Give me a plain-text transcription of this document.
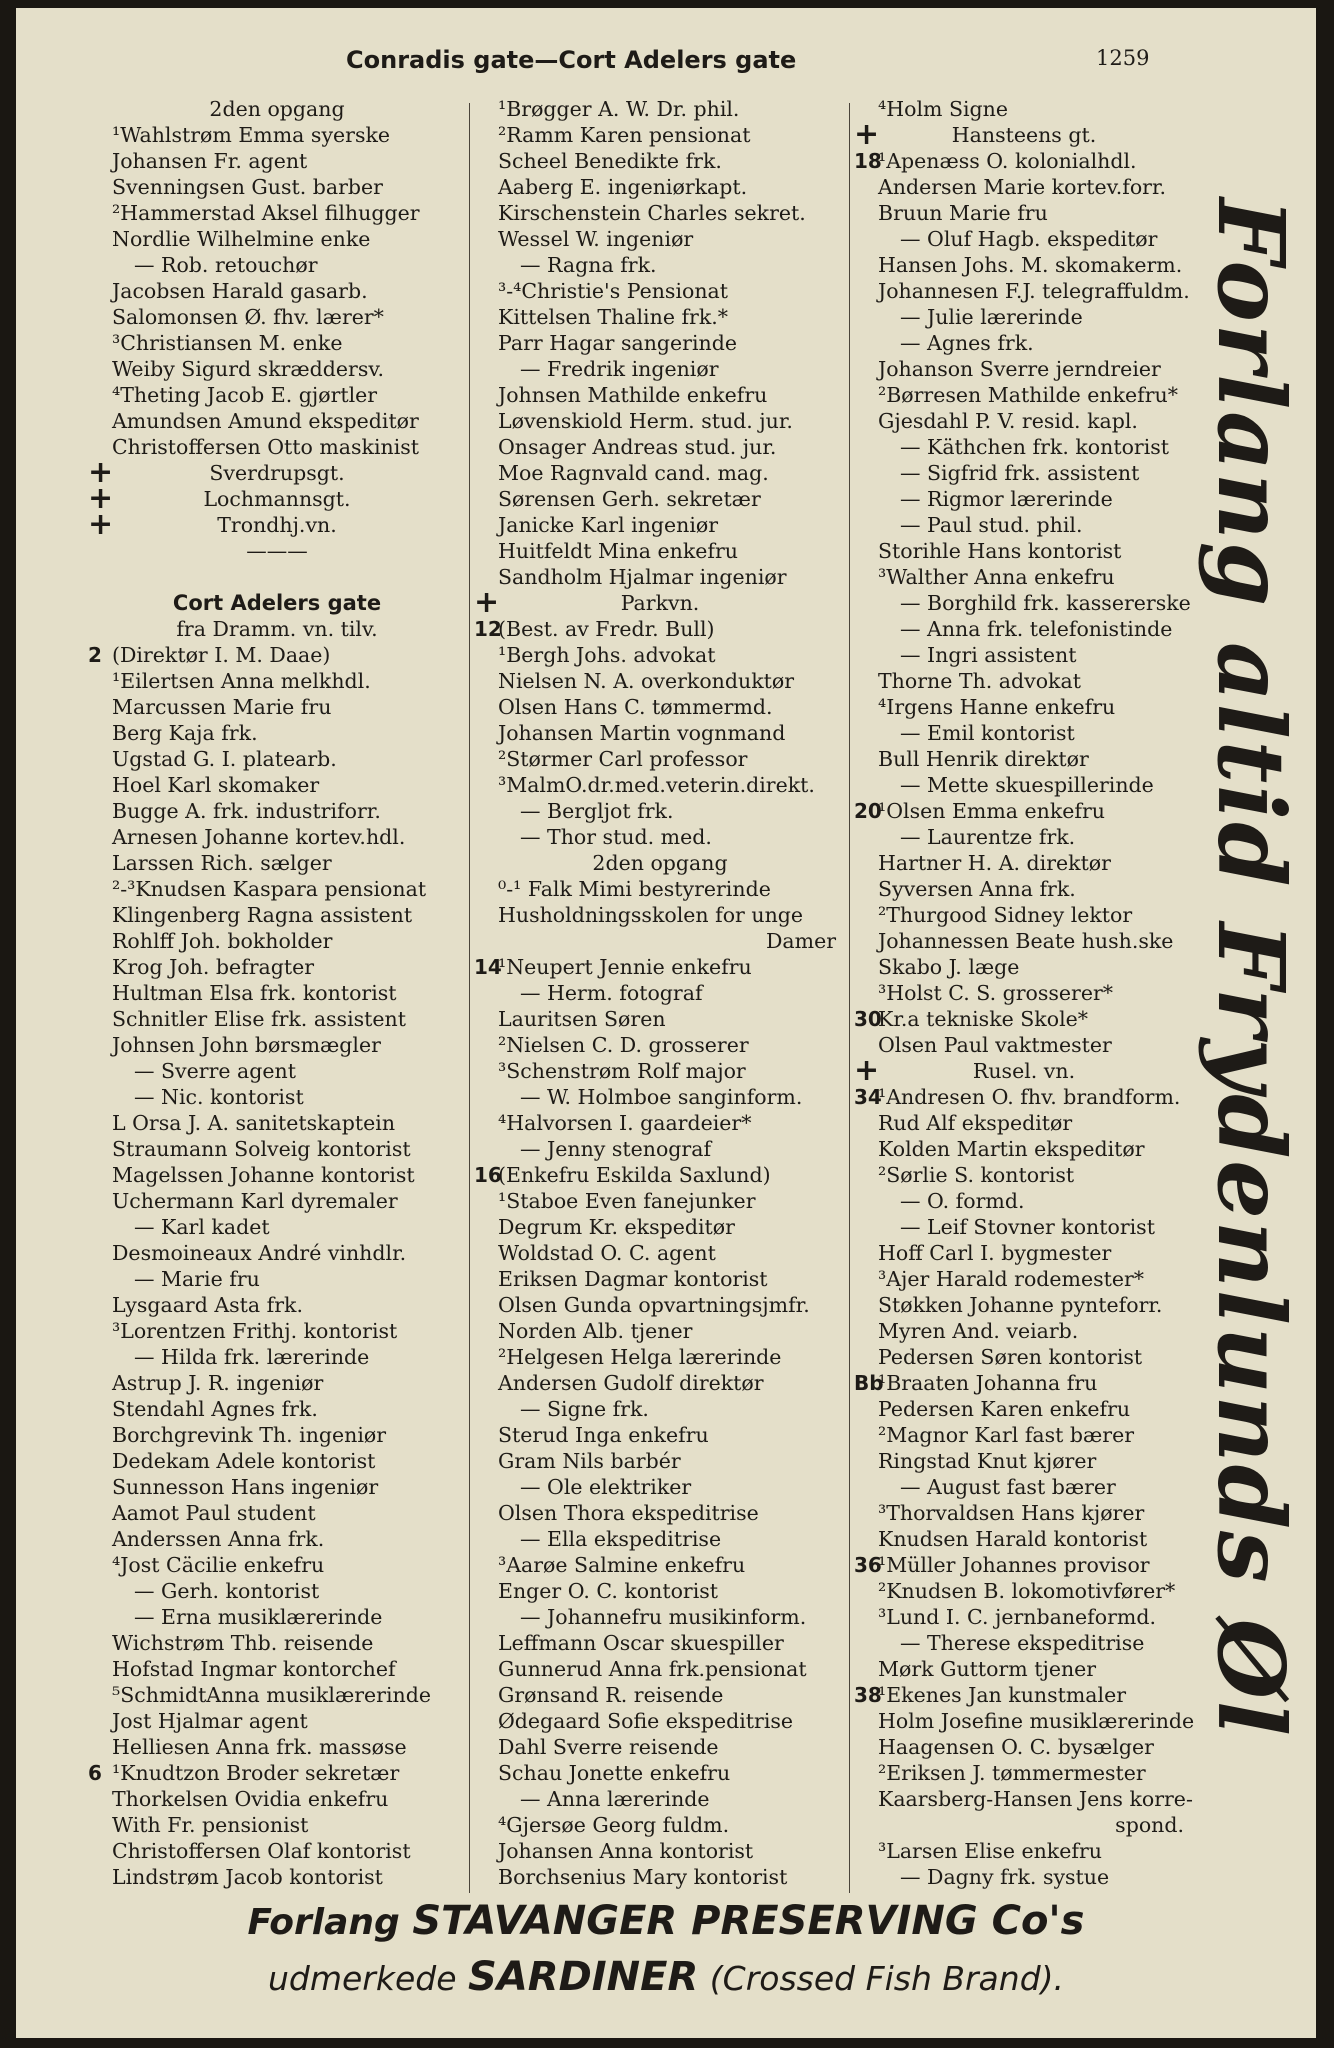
Conradis gate—Cort Adelers gate	1259
2den opgang
¹Wahlstrøm Emma syerske
Johansen Fr. agent
Svenningsen Gust. barber
²Hammerstad Aksel filhugger
Nordlie Wilhelmine enke
— Rob. retouchør
Jacobsen Harald gasarb.
Salomonsen Ø. fhv. lærer*
³Christiansen M. enke
Weiby Sigurd skræddersv.
⁴Theting Jacob E. gjørtler
Amundsen Amund ekspeditør
Christoffersen Otto maskinist
+	Sverdrupsgt.
+	Lochmannsgt.
+	Trondhj.vn.
———
Cort Adelers gate
fra Dramm. vn. tilv.
2 (Direktør I. M. Daae)
¹Eilertsen Anna melkhdl.
Marcussen Marie fru
Berg Kaja frk.
Ugstad G. I. platearb.
Hoel Karl skomaker
Bugge A. frk. industriforr.
Arnesen Johanne kortev.hdl.
Larssen Rich. sælger
²-³Knudsen Kaspara pensionat
Klingenberg Ragna assistent
Rohlff Joh. bokholder
Krog Joh. befragter
Hultman Elsa frk. kontorist
Schnitler Elise frk. assistent
Johnsen John børsmægler
— Sverre agent
— Nic. kontorist
L Orsa J. A. sanitetskaptein
Straumann Solveig kontorist
Magelssen Johanne kontorist
Uchermann Karl dyremaler
— Karl kadet
Desmoineaux André vinhdlr.
— Marie fru
Lysgaard Asta frk.
³Lorentzen Frithj. kontorist
— Hilda frk. lærerinde
Astrup J. R. ingeniør
Stendahl Agnes frk.
Borchgrevink Th. ingeniør
Dedekam Adele kontorist
Sunnesson Hans ingeniør
Aamot Paul student
Anderssen Anna frk.
⁴Jost Cäcilie enkefru
— Gerh. kontorist
— Erna musiklærerinde
Wichstrøm Thb. reisende
Hofstad Ingmar kontorchef
⁵SchmidtAnna musiklærerinde
Jost Hjalmar agent
Helliesen Anna frk. massøse
6 ¹Knudtzon Broder sekretær
Thorkelsen Ovidia enkefru
With Fr. pensionist
Christoffersen Olaf kontorist
Lindstrøm Jacob kontorist
¹Brøgger A. W. Dr. phil.
²Ramm Karen pensionat
Scheel Benedikte frk.
Aaberg E. ingeniørkapt.
Kirschenstein Charles sekret.
Wessel W. ingeniør
— Ragna frk.
³-⁴Christie's Pensionat
Kittelsen Thaline frk.*
Parr Hagar sangerinde
— Fredrik ingeniør
Johnsen Mathilde enkefru
Løvenskiold Herm. stud. jur.
Onsager Andreas stud. jur.
Moe Ragnvald cand. mag.
Sørensen Gerh. sekretær
Janicke Karl ingeniør
Huitfeldt Mina enkefru
Sandholm Hjalmar ingeniør
+	Parkvn.
12
(Best. av Fredr. Bull)
¹Bergh Johs. advokat
Nielsen N. A. overkonduktør
Olsen Hans C. tømmermd.
Johansen Martin vognmand
²Størmer Carl professor
³MalmO.dr.med.veterin.direkt.
— Bergljot frk.
— Thor stud. med.
2den opgang
⁰-¹ Falk Mimi bestyrerinde
Husholdningsskolen for unge
Damer
14
¹Neupert Jennie enkefru
— Herm. fotograf
Lauritsen Søren
²Nielsen C. D. grosserer
³Schenstrøm Rolf major
— W. Holmboe sanginform.
⁴Halvorsen I. gaardeier*
— Jenny stenograf
16
(Enkefru Eskilda Saxlund)
¹Staboe Even fanejunker
Degrum Kr. ekspeditør
Woldstad O. C. agent
Eriksen Dagmar kontorist
Olsen Gunda opvartningsjmfr.
Norden Alb. tjener
²Helgesen Helga lærerinde
Andersen Gudolf direktør
— Signe frk.
Sterud Inga enkefru
Gram Nils barbér
— Ole elektriker
Olsen Thora ekspeditrise
— Ella ekspeditrise
³Aarøe Salmine enkefru
Enger O. C. kontorist
— Johannefru musikinform.
Leffmann Oscar skuespiller
Gunnerud Anna frk.pensionat
Grønsand R. reisende
Ødegaard Sofie ekspeditrise
Dahl Sverre reisende
Schau Jonette enkefru
— Anna lærerinde
⁴Gjersøe Georg fuldm.
Johansen Anna kontorist
Borchsenius Mary kontorist
⁴Holm Signe
+	Hansteens gt.
18
¹Apenæss O. kolonialhdl.
Andersen Marie kortev.forr.
Bruun Marie fru
— Oluf Hagb. ekspeditør
Hansen Johs. M. skomakerm.
Johannesen F.J. telegraffuldm.
— Julie lærerinde
— Agnes frk.
Johanson Sverre jerndreier
²Børresen Mathilde enkefru*
Gjesdahl P. V. resid. kapl.
— Käthchen frk. kontorist
— Sigfrid frk. assistent
— Rigmor lærerinde
— Paul stud. phil.
Storihle Hans kontorist
³Walther Anna enkefru
— Borghild frk. kassererske
— Anna frk. telefonistinde
— Ingri assistent
Thorne Th. advokat
⁴Irgens Hanne enkefru
— Emil kontorist
Bull Henrik direktør
— Mette skuespillerinde
20
¹Olsen Emma enkefru
— Laurentze frk.
Hartner H. A. direktør
Syversen Anna frk.
²Thurgood Sidney lektor
Johannessen Beate hush.ske
Skabo J. læge
³Holst C. S. grosserer*
30
Kr.a tekniske Skole*
Olsen Paul vaktmester
+	Rusel. vn.
34
¹Andresen O. fhv. brandform.
Rud Alf ekspeditør
Kolden Martin ekspeditør
²Sørlie S. kontorist
— O. formd.
— Leif Stovner kontorist
Hoff Carl I. bygmester
³Ajer Harald rodemester*
Støkken Johanne pynteforr.
Myren And. veiarb.
Pedersen Søren kontorist
Bb
¹Braaten Johanna fru
Pedersen Karen enkefru
²Magnor Karl fast bærer
Ringstad Knut kjører
— August fast bærer
³Thorvaldsen Hans kjører
Knudsen Harald kontorist
36
¹Müller Johannes provisor
²Knudsen B. lokomotivfører*
³Lund I. C. jernbaneformd.
— Therese ekspeditrise
Mørk Guttorm tjener
38
¹Ekenes Jan kunstmaler
Holm Josefine musiklærerinde
Haagensen O. C. bysælger
²Eriksen J. tømmermester
Kaarsberg-Hansen Jens korre-
spond.
³Larsen Elise enkefru
— Dagny frk. systue
Forlang altid Frydenlunds Øl
Forlang STAVANGER PRESERVING Co's
udmerkede SARDINER (Crossed Fish Brand).
